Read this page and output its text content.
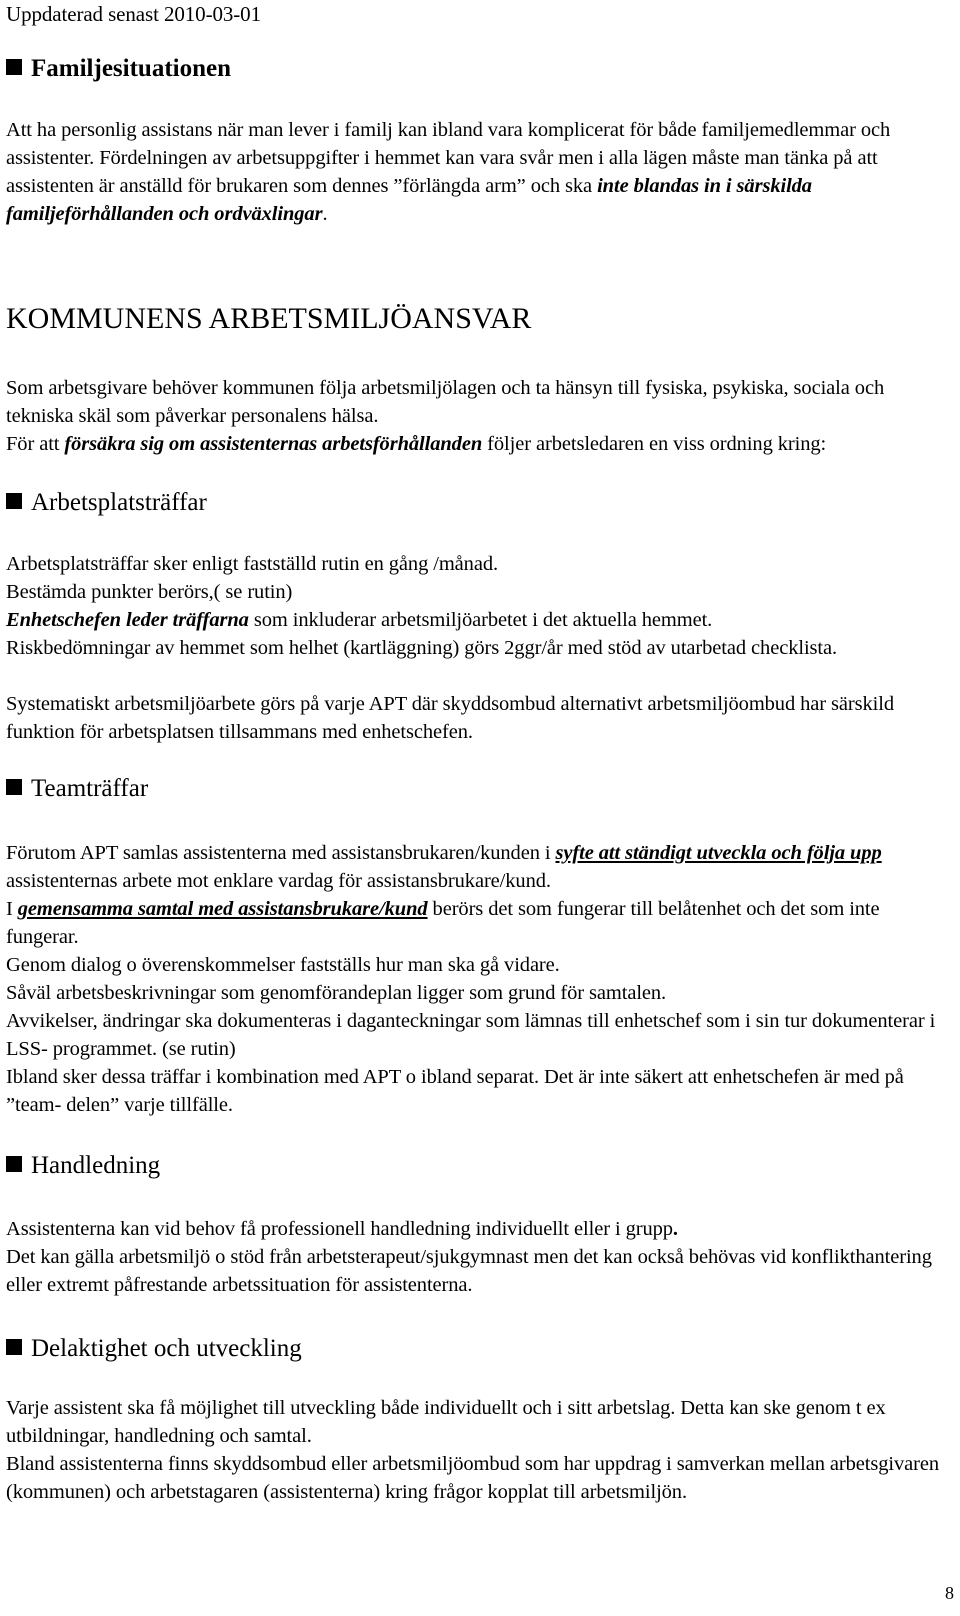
Uppdaterad senast 2010-03-01
Familjesituationen
Att ha personlig assistans när man lever i familj kan ibland vara komplicerat för både familjemedlemmar och assistenter. Fördelningen av arbetsuppgifter i hemmet kan vara svår men i alla lägen måste man tänka på att assistenten är anställd för brukaren som dennes ”förlängda arm” och ska inte blandas in i särskilda familjeförhållanden och ordväxlingar.
KOMMUNENS ARBETSMILJÖANSVAR
Som arbetsgivare behöver kommunen följa arbetsmiljölagen och ta hänsyn till fysiska, psykiska, sociala och tekniska skäl som påverkar personalens hälsa.
För att försäkra sig om assistenternas arbetsförhållanden följer arbetsledaren en viss ordning kring:
Arbetsplatsträffar
Arbetsplatsträffar sker enligt fastställd rutin en gång /månad.
Bestämda punkter berörs,( se rutin)
Enhetschefen leder träffarna som inkluderar arbetsmiljöarbetet i det aktuella hemmet.
Riskbedömningar av hemmet som helhet (kartläggning) görs 2ggr/år med stöd av utarbetad checklista.
Systematiskt arbetsmiljöarbete görs på varje APT där skyddsombud alternativt arbetsmiljöombud har särskild funktion för arbetsplatsen tillsammans med enhetschefen.
Teamträffar
Förutom APT samlas assistenterna med assistansbrukaren/kunden i syfte att ständigt utveckla och följa upp assistenternas arbete mot enklare vardag för assistansbrukare/kund.
I gemensamma samtal med assistansbrukare/kund berörs det som fungerar till belåtenhet och det som inte fungerar.
Genom dialog o överenskommelser fastställs hur man ska gå vidare.
Såväl arbetsbeskrivningar som genomförandeplan ligger som grund för samtalen.
Avvikelser, ändringar ska dokumenteras i daganteckningar som lämnas till enhetschef som i sin tur dokumenterar i LSS- programmet. (se rutin)
Ibland sker dessa träffar i kombination med APT o ibland separat. Det är inte säkert att enhetschefen är med på ”team- delen” varje tillfälle.
Handledning
Assistenterna kan vid behov få professionell handledning individuellt eller i grupp.
Det kan gälla arbetsmiljö o stöd från arbetsterapeut/sjukgymnast men det kan också behövas vid konflikthantering eller extremt påfrestande arbetssituation för assistenterna.
Delaktighet och utveckling
Varje assistent ska få möjlighet till utveckling både individuellt och i sitt arbetslag. Detta kan ske genom t ex utbildningar, handledning och samtal.
Bland assistenterna finns skyddsombud eller arbetsmiljöombud som har uppdrag i samverkan mellan arbetsgivaren (kommunen) och arbetstagaren (assistenterna) kring frågor kopplat till arbetsmiljön.
8
